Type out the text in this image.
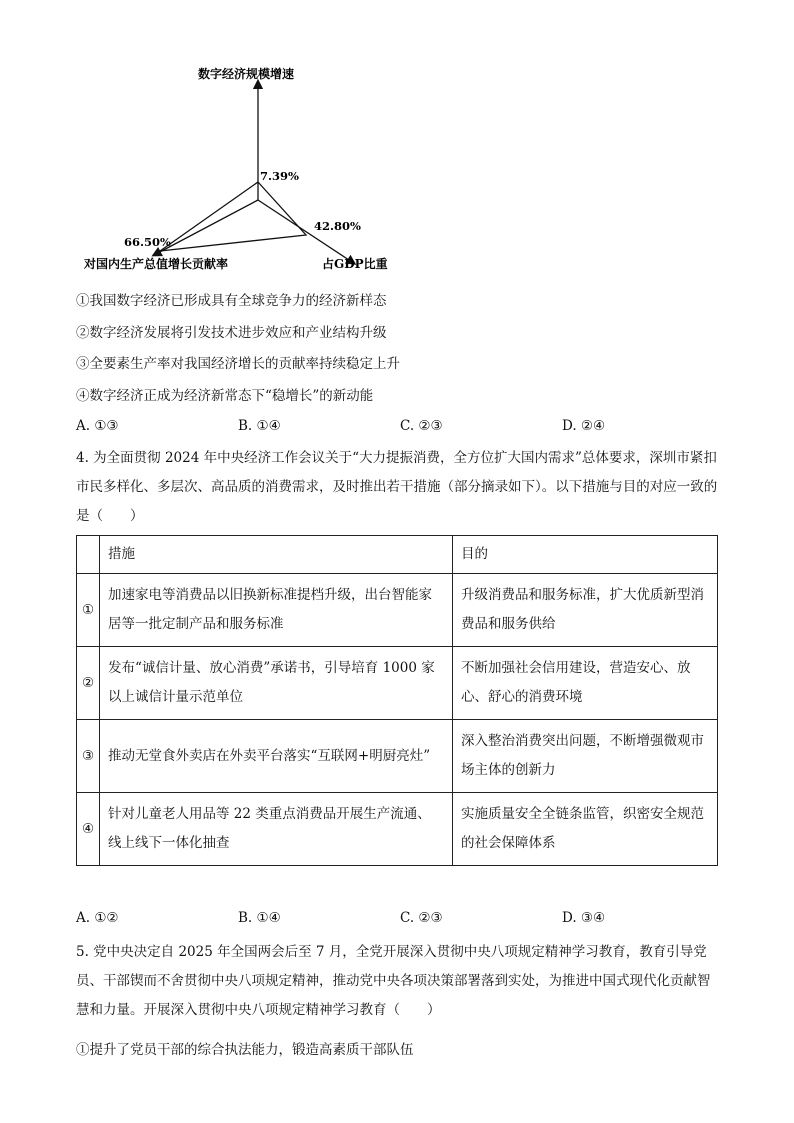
数字经济规模增速
占GDP比重
对国内生产总值增长贡献率
7.39%
42.80%
66.50%
①我国数字经济已形成具有全球竞争力的经济新样态
②数字经济发展将引发技术进步效应和产业结构升级
③全要素生产率对我国经济增长的贡献率持续稳定上升
④数字经济正成为经济新常态下“稳增长”的新动能
A. ①③	B. ①④	C. ②③	D. ②④
4. 为全面贯彻 2024 年中央经济工作会议关于“大力提振消费，全方位扩大国内需求”总体要求，深圳市紧扣市民多样化、多层次、高品质的消费需求，及时推出若干措施（部分摘录如下）。以下措施与目的对应一致的是（　　）
	措施	目的
①	加速家电等消费品以旧换新标准提档升级，出台智能家居等一批定制产品和服务标准	升级消费品和服务标准，扩大优质新型消费品和服务供给
②	发布“诚信计量、放心消费”承诺书，引导培育 1000 家以上诚信计量示范单位	不断加强社会信用建设，营造安心、放心、舒心的消费环境
③	推动无堂食外卖店在外卖平台落实“互联网+明厨亮灶”	深入整治消费突出问题，不断增强微观市场主体的创新力
④	针对儿童老人用品等 22 类重点消费品开展生产流通、线上线下一体化抽查	实施质量安全全链条监管，织密安全规范的社会保障体系
A. ①②	B. ①④	C. ②③	D. ③④
5. 党中央决定自 2025 年全国两会后至 7 月，全党开展深入贯彻中央八项规定精神学习教育，教育引导党员、干部锲而不舍贯彻中央八项规定精神，推动党中央各项决策部署落到实处，为推进中国式现代化贡献智慧和力量。开展深入贯彻中央八项规定精神学习教育（　　）
①提升了党员干部的综合执法能力，锻造高素质干部队伍
